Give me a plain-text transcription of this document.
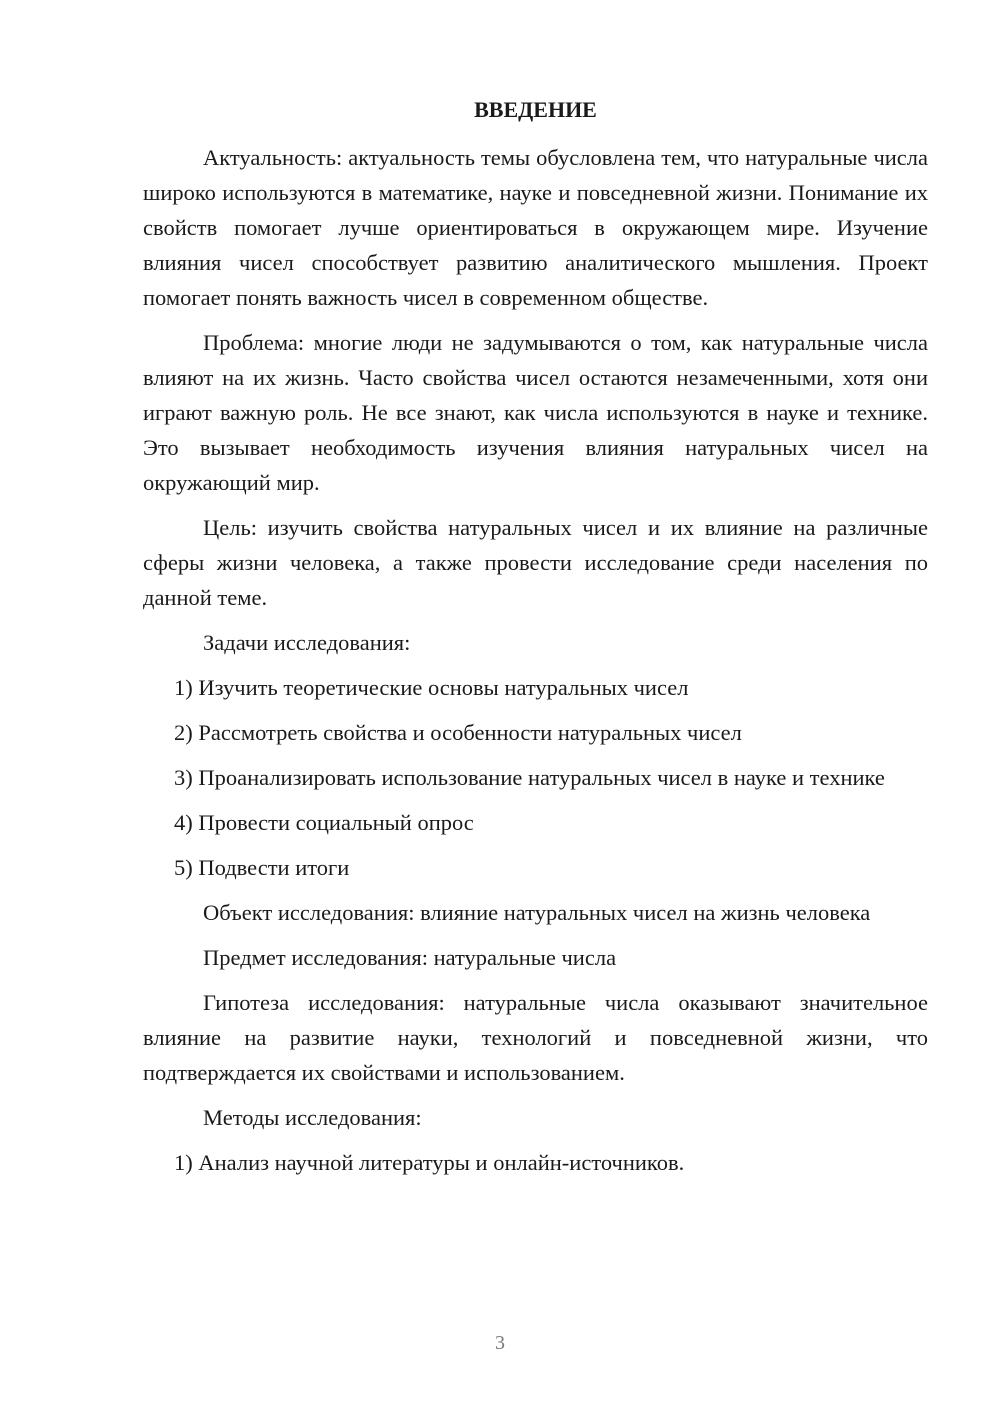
ВВЕДЕНИЕ

Актуальность: актуальность темы обусловлена тем, что натуральные числа широко используются в математике, науке и повседневной жизни. Понимание их свойств помогает лучше ориентироваться в окружающем мире. Изучение влияния чисел способствует развитию аналитического мышления. Проект помогает понять важность чисел в современном обществе.

Проблема: многие люди не задумываются о том, как натуральные числа влияют на их жизнь. Часто свойства чисел остаются незамеченными, хотя они играют важную роль. Не все знают, как числа используются в науке и технике. Это вызывает необходимость изучения влияния натуральных чисел на окружающий мир.

Цель: изучить свойства натуральных чисел и их влияние на различные сферы жизни человека, а также провести исследование среди населения по данной теме.

Задачи исследования:

1) Изучить теоретические основы натуральных чисел

2) Рассмотреть свойства и особенности натуральных чисел

3) Проанализировать использование натуральных чисел в науке и технике

4) Провести социальный опрос

5) Подвести итоги

Объект исследования: влияние натуральных чисел на жизнь человека

Предмет исследования: натуральные числа

Гипотеза исследования: натуральные числа оказывают значительное влияние на развитие науки, технологий и повседневной жизни, что подтверждается их свойствами и использованием.

Методы исследования:

1) Анализ научной литературы и онлайн-источников.

3
